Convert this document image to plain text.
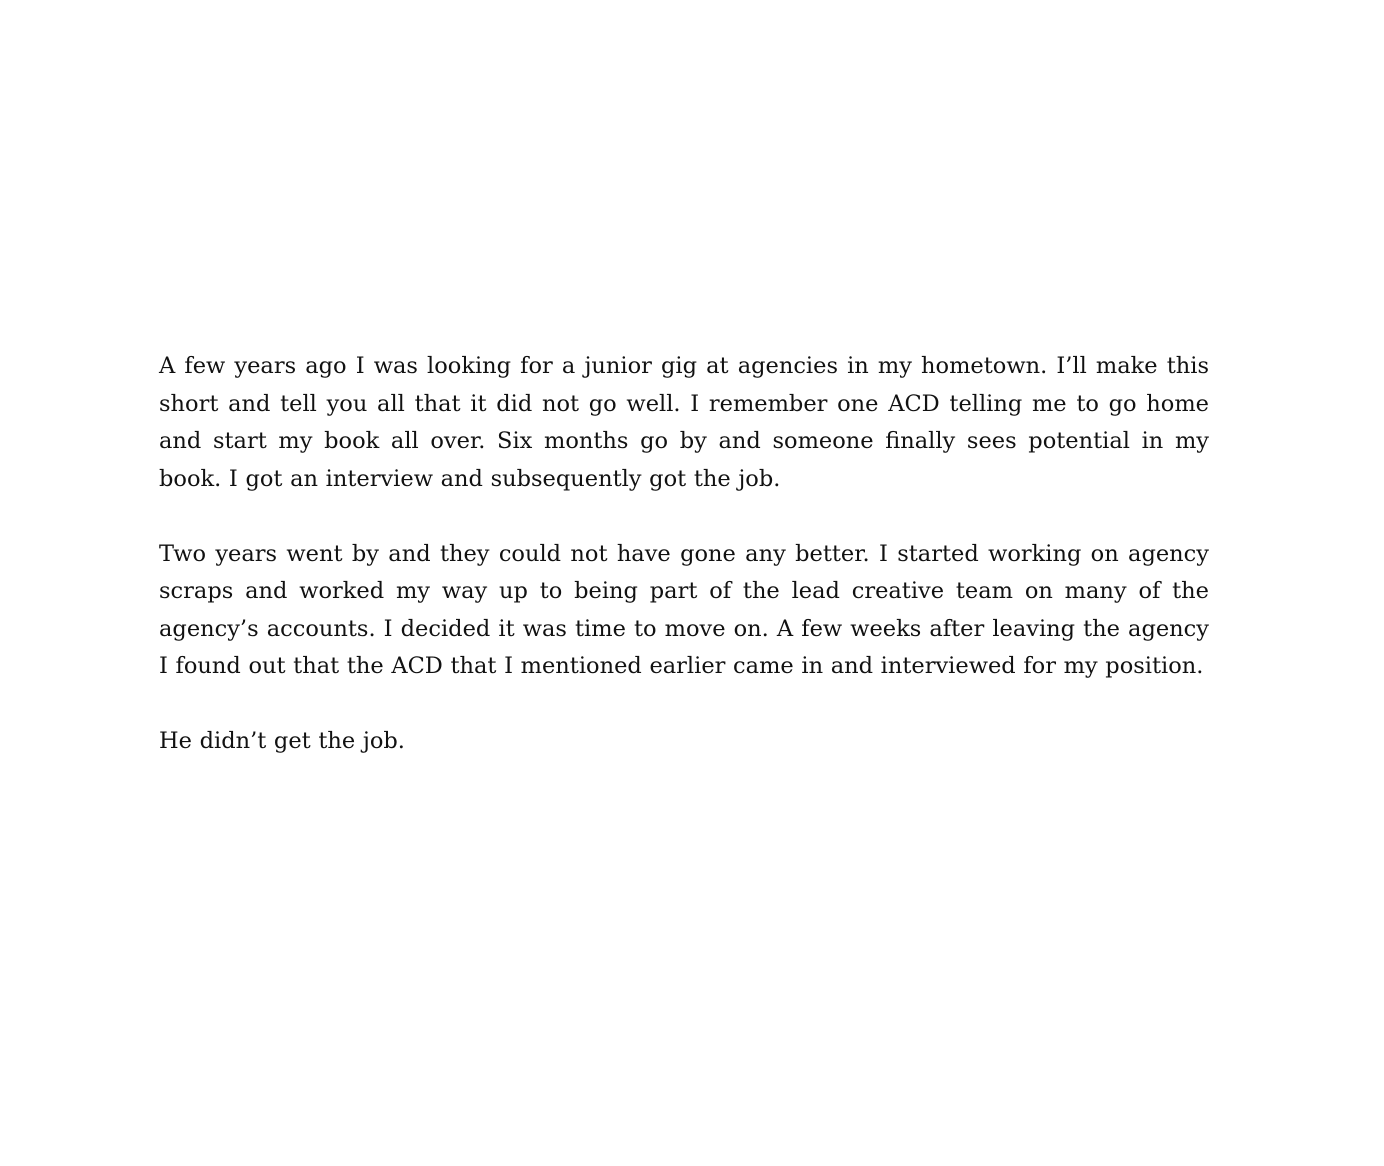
A few years ago I was looking for a junior gig at agencies in my hometown. I’ll make this short and tell you all that it did not go well. I remember one ACD telling me to go home and start my book all over. Six months go by and someone finally sees potential in my book. I got an interview and subsequently got the job.

Two years went by and they could not have gone any better. I started working on agency scraps and worked my way up to being part of the lead creative team on many of the agency’s accounts. I decided it was time to move on. A few weeks after leaving the agency I found out that the ACD that I mentioned earlier came in and interviewed for my position.

He didn’t get the job.
